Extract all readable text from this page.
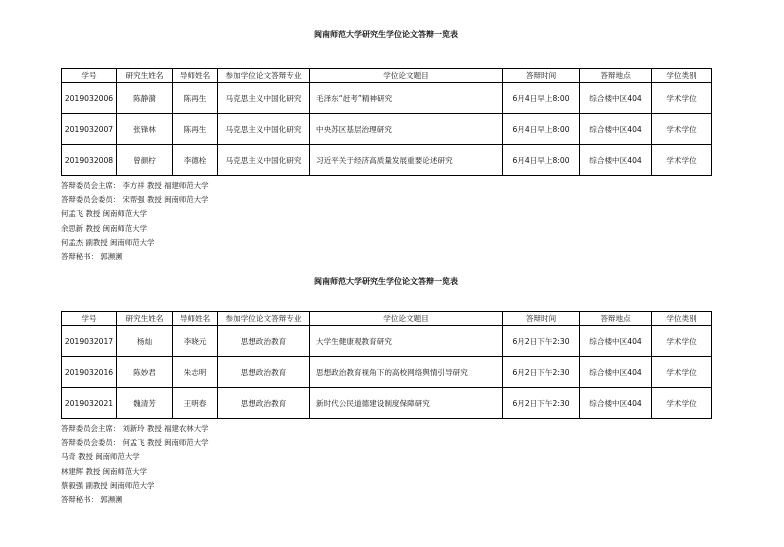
闽南师范大学研究生学位论文答辩一览表
学号	研究生姓名	导师姓名	参加学位论文答辩专业	学位论文题目	答辩时间	答辩地点	学位类别
2019032006	陈静漪	陈再生	马克思主义中国化研究	毛泽东“赶考”精神研究	6月4日早上8:00	综合楼中区404	学术学位
2019032007	张锋林	陈再生	马克思主义中国化研究	中央苏区基层治理研究	6月4日早上8:00	综合楼中区404	学术学位
2019032008	曾颜柠	李德栓	马克思主义中国化研究	习近平关于经济高质量发展重要论述研究	6月4日早上8:00	综合楼中区404	学术学位
答辩委员会主席： 李方祥 教授 福建师范大学
答辩委员会委员： 宋帮强 教授 闽南师范大学
何孟飞 教授 闽南师范大学
余思新 教授 闽南师范大学
何孟杰 副教授 闽南师范大学
答辩秘书： 郭濒濒
闽南师范大学研究生学位论文答辩一览表
学号	研究生姓名	导师姓名	参加学位论文答辩专业	学位论文题目	答辩时间	答辩地点	学位类别
2019032017	杨灿	李晓元	思想政治教育	大学生健康观教育研究	6月2日下午2:30	综合楼中区404	学术学位
2019032016	陈妙君	朱志明	思想政治教育	思想政治教育视角下的高校网络舆情引导研究	6月2日下午2:30	综合楼中区404	学术学位
2019032021	魏清芳	王明春	思想政治教育	新时代公民道德建设制度保障研究	6月2日下午2:30	综合楼中区404	学术学位
答辩委员会主席： 刘新玲 教授 福建农林大学
答辩委员会委员： 何孟飞 教授 闽南师范大学
马奇 教授 闽南师范大学
林建辉 教授 闽南师范大学
蔡毅强 副教授 闽南师范大学
答辩秘书： 郭濒濒
